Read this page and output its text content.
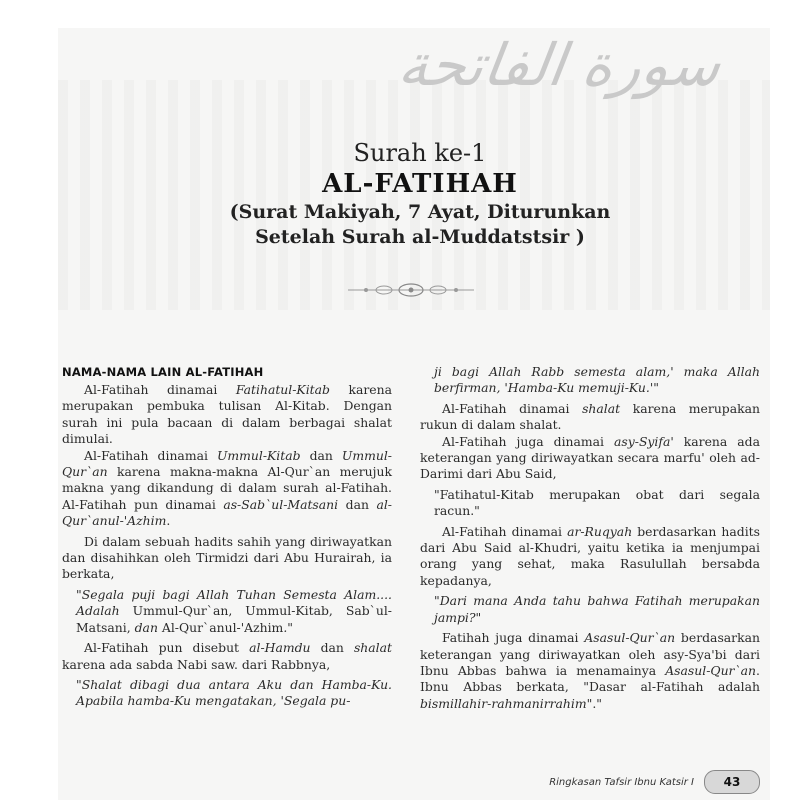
سورة الفاتحة
Surah ke-1
AL-FATIHAH
(Surat Makiyah, 7 Ayat, Diturunkan
Setelah Surah al-Muddatstsir )
NAMA-NAMA LAIN AL-FATIHAH

Al-Fatihah dinamai Fatihatul-Kitab karena merupakan pembuka tulisan Al-Kitab. Dengan surah ini pula bacaan di dalam berbagai shalat dimulai.

Al-Fatihah dinamai Ummul-Kitab dan Ummul-Qur`an karena makna-makna Al-Qur`an merujuk makna yang dikandung di dalam surah al-Fatihah. Al-Fatihah pun dinamai as-Sab`ul-Matsani dan al-Qur`anul-'Azhim.

Di dalam sebuah hadits sahih yang diriwayatkan dan disahihkan oleh Tirmidzi dari Abu Hurairah, ia berkata,

"Segala puji bagi Allah Tuhan Semesta Alam.... Adalah Ummul-Qur`an, Ummul-Kitab, Sab`ul-Matsani, dan Al-Qur`anul-'Azhim."

Al-Fatihah pun disebut al-Hamdu dan shalat karena ada sabda Nabi saw. dari Rabbnya,

"Shalat dibagi dua antara Aku dan Hamba-Ku. Apabila hamba-Ku mengatakan, 'Segala pu-

ji bagi Allah Rabb semesta alam,' maka Allah berfirman, 'Hamba-Ku memuji-Ku.'"

Al-Fatihah dinamai shalat karena merupakan rukun di dalam shalat.

Al-Fatihah juga dinamai asy-Syifa' karena ada keterangan yang diriwayatkan secara marfu' oleh ad-Darimi dari Abu Said,

"Fatihatul-Kitab merupakan obat dari segala racun."

Al-Fatihah dinamai ar-Ruqyah berdasarkan hadits dari Abu Said al-Khudri, yaitu ketika ia menjumpai orang yang sehat, maka Rasulullah bersabda kepadanya,

"Dari mana Anda tahu bahwa Fatihah merupakan jampi?"

Fatihah juga dinamai Asasul-Qur`an berdasarkan keterangan yang diriwayatkan oleh asy-Sya'bi dari Ibnu Abbas bahwa ia menamainya Asasul-Qur`an. Ibnu Abbas berkata, "Dasar al-Fatihah adalah bismillahir-rahmanirrahim"."

Ringkasan Tafsir Ibnu Katsir I	43
